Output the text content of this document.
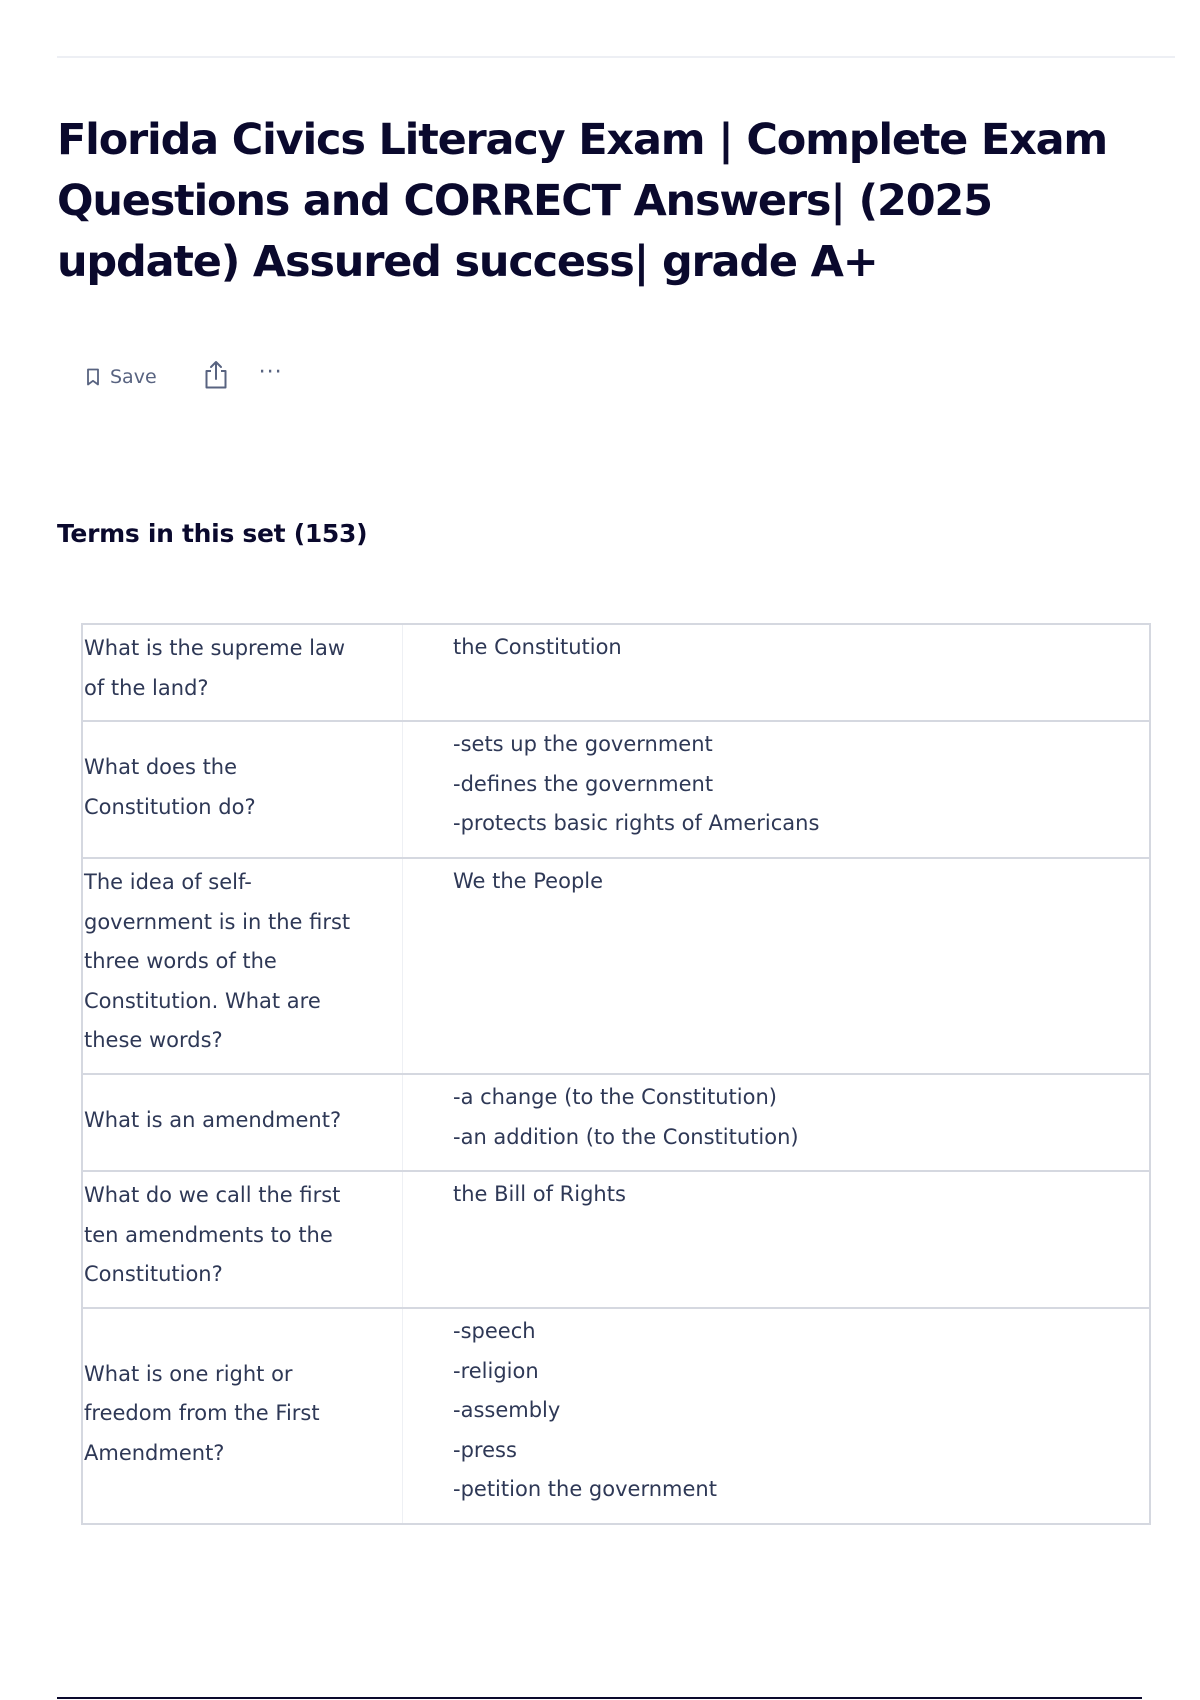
Florida Civics Literacy Exam | Complete Exam Questions and CORRECT Answers| (2025 update) Assured success| grade A+
Save	···
Terms in this set (153)
What is the supreme law of the land?
the Constitution
What does the Constitution do?
-sets up the government
-defines the government
-protects basic rights of Americans
The idea of self-government is in the first three words of the Constitution. What are these words?
We the People
What is an amendment?
-a change (to the Constitution)
-an addition (to the Constitution)
What do we call the first ten amendments to the Constitution?
the Bill of Rights
What is one right or freedom from the First Amendment?
-speech
-religion
-assembly
-press
-petition the government
